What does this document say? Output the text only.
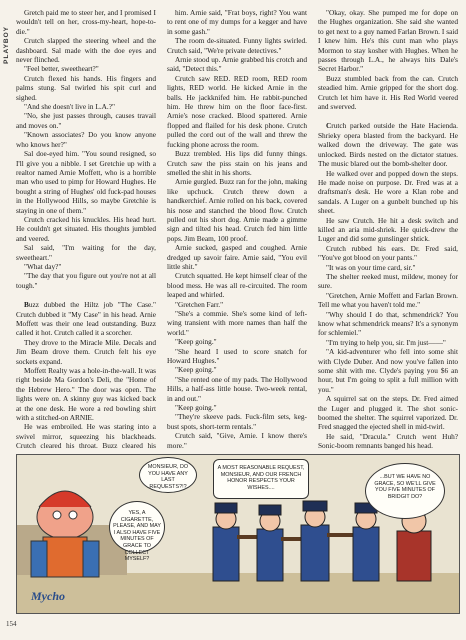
PLAYBOY

Gretch paid me to steer her, and I promised I wouldn't tell on her, cross-my-heart, hope-to-die."

Crutch slapped the steering wheel and the dashboard. Sal made with the doe eyes and never flinched.

"Feel better, sweetheart?"

Crutch flexed his hands. His fingers and palms stung. Sal twirled his spit curl and sighed.

"And she doesn't live in L.A.?"

"No, she just passes through, causes travail and moves on."

"Known associates? Do you know anyone who knows her?"

Sal doe-eyed him. "You sound resigned, so I'll give you a nibble. I set Gretchie up with a realtor named Arnie Moffett, who is a horrible man who used to pimp for Howard Hughes. He bought a string of Hughes' old fuck-pad houses in the Hollywood Hills, so maybe Gretchie is staying in one of them."

Crutch cracked his knuckles. His head hurt. He couldn't get situated. His thoughts jumbled and veered.

Sal said, "I'm waiting for the day, sweetheart."

"What day?"

"The day that you figure out you're not at all tough."

Buzz dubbed the Hiltz job "The Case." Crutch dubbed it "My Case" in his head. Arnie Moffett was their one lead outstanding. Buzz called it hot. Crutch called it a scorcher.

They drove to the Miracle Mile. Decals and Jim Beam drove them. Crutch felt his eye sockets expand.

Moffett Realty was a hole-in-the-wall. It was right beside Ma Gordon's Deli, the "Home of the Hebrew Hero." The door was open. The lights were on. A skinny guy was kicked back at the one desk. He wore a red bowling shirt with a stitched-on ARNIE.

He was embroiled. He was staring into a swivel mirror, squeezing his blackheads. Crutch cleared his throat. Buzz cleared his

him. Arnie said, "Frat boys, right? You want to rent one of my dumps for a kegger and have in some gash."

The room de-situated. Funny lights swirled. Crutch said, "We're private detectives."

Arnie stood up. Arnie grabbed his crotch and said, "Detect this."

Crutch saw RED. RED room, RED room lights, RED world. He kicked Arnie in the balls. He jackknifed him. He rabbit-punched him. He threw him on the floor face-first. Arnie's nose cracked. Blood spattered. Arnie flopped and flailed for his desk phone. Crutch pulled the cord out of the wall and threw the fucking phone across the room.

Buzz trembled. His lips did funny things. Crutch saw the piss stain on his jeans and smelled the shit in his shorts.

Arnie gurgled. Buzz ran for the john, making like upchuck. Crutch threw down a handkerchief. Arnie rolled on his back, covered his nose and stanched the blood flow. Crutch pulled out his short dog. Arnie made a gimme sign and tilted his head. Crutch fed him little pops. Jim Beam, 100 proof.

Arnie sucked, gasped and coughed. Arnie dredged up savoir faire. Arnie said, "You evil little shit."

Crutch squatted. He kept himself clear of the blood mess. He was all re-circuited. The room leaped and whirled.

"Gretchen Farr."

"She's a commie. She's some kind of left-wing transient with more names than half the world."

"Keep going."

"She heard I used to score snatch for Howard Hughes."

"Keep going."

"She rented one of my pads. The Hollywood Hills, a half-ass little house. Two-week rental, in and out."

"Keep going."

"They're skeeve pads. Fuck-film sets, keg-bust spots, short-term rentals."

Crutch said, "Give, Arnie. I know there's more."

"Okay, okay. She pumped me for dope on the Hughes organization. She said she wanted to get next to a guy named Farlan Brown. I said I knew him. He's this cunt man who plays Mormon to stay kosher with Hughes. When he passes through L.A., he always hits Dale's Secret Harbor."

Buzz stumbled back from the can. Crutch steadied him. Arnie gripped for the short dog. Crutch let him have it. His Red World veered and swerved.

Crutch parked outside the Hate Hacienda. Shrieky opera blasted from the backyard. He walked down the driveway. The gate was unlocked. Birds nested on the dictator statues. The music blared out the bomb-shelter door.

He walked over and popped down the steps. He made noise on purpose. Dr. Fred was at a draftsman's desk. He wore a Klan robe and sandals. A Luger on a gunbelt bunched up his sheet.

He saw Crutch. He hit a desk switch and killed an aria mid-shriek. He quick-drew the Luger and did some gunslinger shtick.

Crutch rubbed his ears. Dr. Fred said, "You've got blood on your pants."

"It was on your time card, sir."

The shelter reeked must, mildew, money for sure.

"Gretchen, Arnie Moffett and Farlan Brown. Tell me what you haven't told me."

"Why should I do that, schmendrick? You know what schmendrick means? It's a synonym for schlemiel."

"I'm trying to help you, sir. I'm just——"

"A kid-adventurer who fell into some shit with Clyde Duber. And now you've fallen into some shit with me. Clyde's paying you $6 an hour, but I'm going to split a full million with you."

A squirrel sat on the steps. Dr. Fred aimed the Luger and plugged it. The shot sonic-boomed the shelter. The squirrel vaporized. Dr. Fred snagged the ejected shell in mid-twirl.

He said, "Dracula." Crutch went Huh? Sonic-boom remnants banged his head.

MONSIEUR, DO YOU HAVE ANY LAST REQUESTS?!?
YES, A CIGARETTE, PLEASE, AND MAY I ALSO HAVE FIVE MINUTES OF GRACE TO COLLECT MYSELF?
A MOST REASONABLE REQUEST, MONSIEUR, AND OUR FRENCH HONOR RESPECTS YOUR WISHES....
...BUT WE HAVE NO GRACE, SO WE'LL GIVE YOU FIVE MINUTES OF BRIDGIT DO?
Mycho
154
